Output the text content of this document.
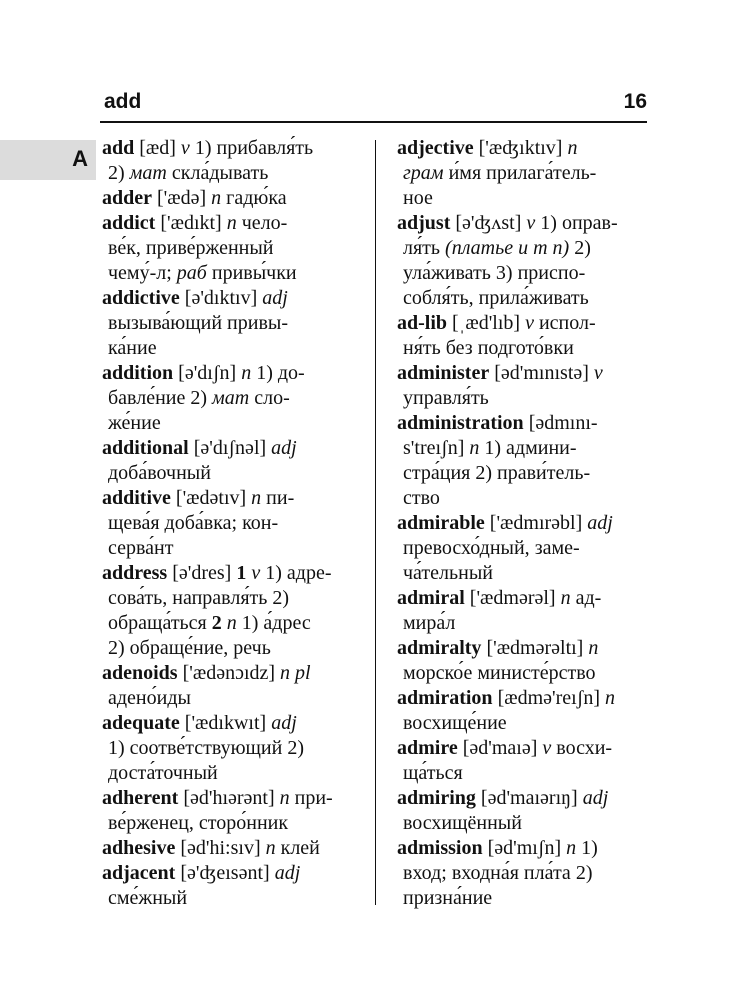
add	16
А add [æd] v 1) прибавля́ть
2) мат скла́дывать

adder ['ædə] n гадю́ка

addict ['ædıkt] n чело-
ве́к, приве́рженный
чему́-л; раб привы́чки

addictive [ə'dıktıv] adj
вызыва́ющий привы-
ка́ние

addition [ə'dıʃn] n 1) до-
бавле́ние 2) мат сло-
же́ние

additional [ə'dıʃnəl] adj
доба́вочный

additive ['ædətıv] n пи-
щева́я доба́вка; кон-
серва́нт

address [ə'dres] 1 v 1) адре-
сова́ть, направля́ть 2)
обраща́ться 2 n 1) а́дрес
2) обраще́ние, речь

adenoids ['ædənɔıdz] n pl
адено́иды

adequate ['ædıkwıt] adj
1) соотве́тствующий 2)
доста́точный

adherent [əd'hıərənt] n при-
ве́рженец, сторо́нник

adhesive [əd'hi:sıv] n клей

adjacent [ə'ʤeısənt] adj
сме́жный

adjective ['æʤıktıv] n
грам и́мя прилага́тель-
ное

adjust [ə'ʤʌst] v 1) оправ-
ля́ть (платье и т п) 2)
ула́живать 3) приспо-
собля́ть, прила́живать

ad-lib [ˌæd'lıb] v испол-
ня́ть без подгото́вки

administer [əd'mınıstə] v
управля́ть

administration [ədmını-
s'treıʃn] n 1) админи-
стра́ция 2) прави́тель-
ство

admirable ['ædmırəbl] adj
превосхо́дный, заме-
ча́тельный

admiral ['ædmərəl] n ад-
мира́л

admiralty ['ædmərəltı] n
морско́е министе́рство

admiration [ædmə'reıʃn] n
восхище́ние

admire [əd'maıə] v восхи-
ща́ться

admiring [əd'maıərıŋ] adj
восхищённый

admission [əd'mıʃn] n 1)
вход; входна́я пла́та 2)
призна́ние
